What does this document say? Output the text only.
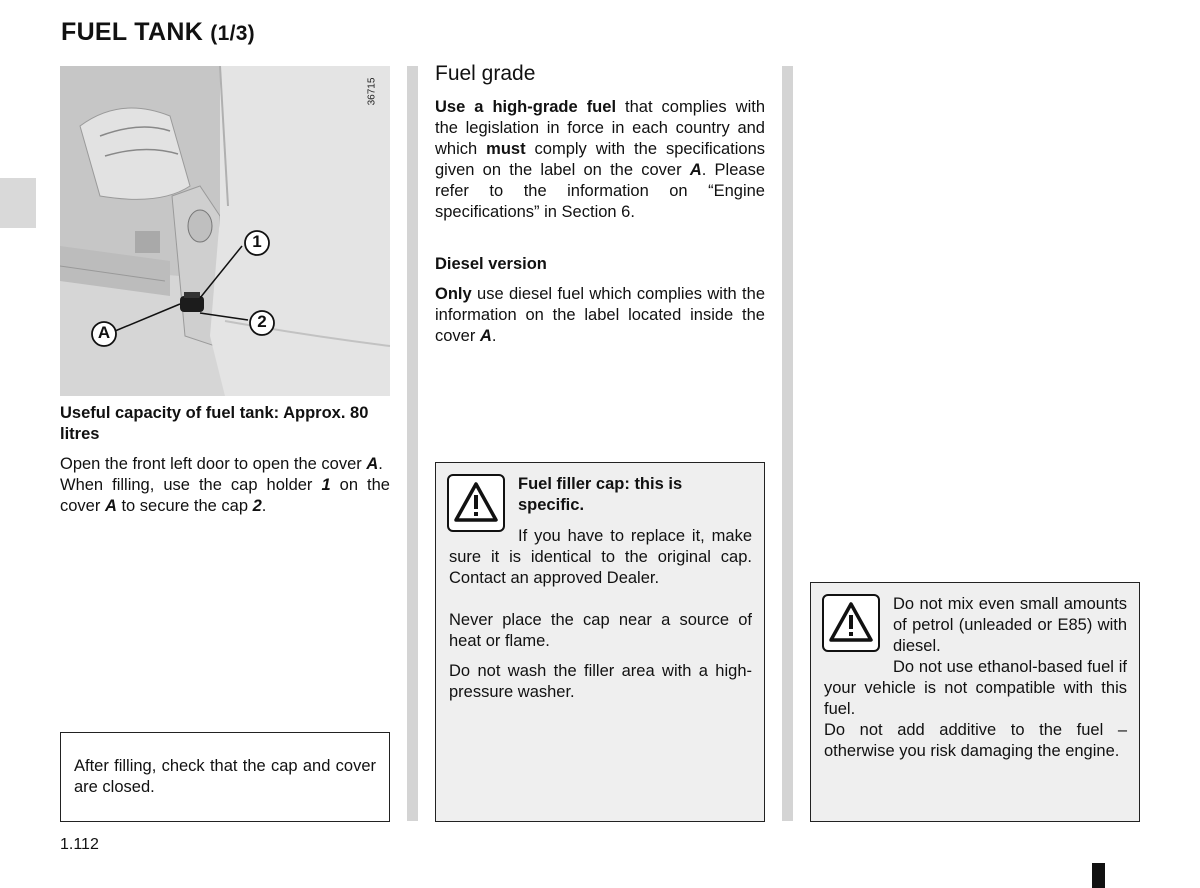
FUEL TANK (1/3)
1
2
A
36715
Useful capacity of fuel tank: Approx. 80 litres
Open the front left door to open the cover A.
When filling, use the cap holder 1 on the cover A to secure the cap 2.
After filling, check that the cap and cover are closed.
Fuel grade
Use a high-grade fuel that complies with the legislation in force in each country and which must comply with the specifications given on the label on the cover A. Please refer to the information on “Engine specifications” in Section 6.
Diesel version
Only use diesel fuel which complies with the information on the label located inside the cover A.
Fuel filler cap: this is specific.
If you have to replace it, make sure it is identical to the original cap. Contact an approved Dealer.
Never place the cap near a source of heat or flame.
Do not wash the filler area with a high-pressure washer.
Do not mix even small amounts of petrol (unleaded or E85) with diesel.
Do not use ethanol-based fuel if your vehicle is not compatible with this fuel.
Do not add additive to the fuel – otherwise you risk damaging the engine.
1.112
